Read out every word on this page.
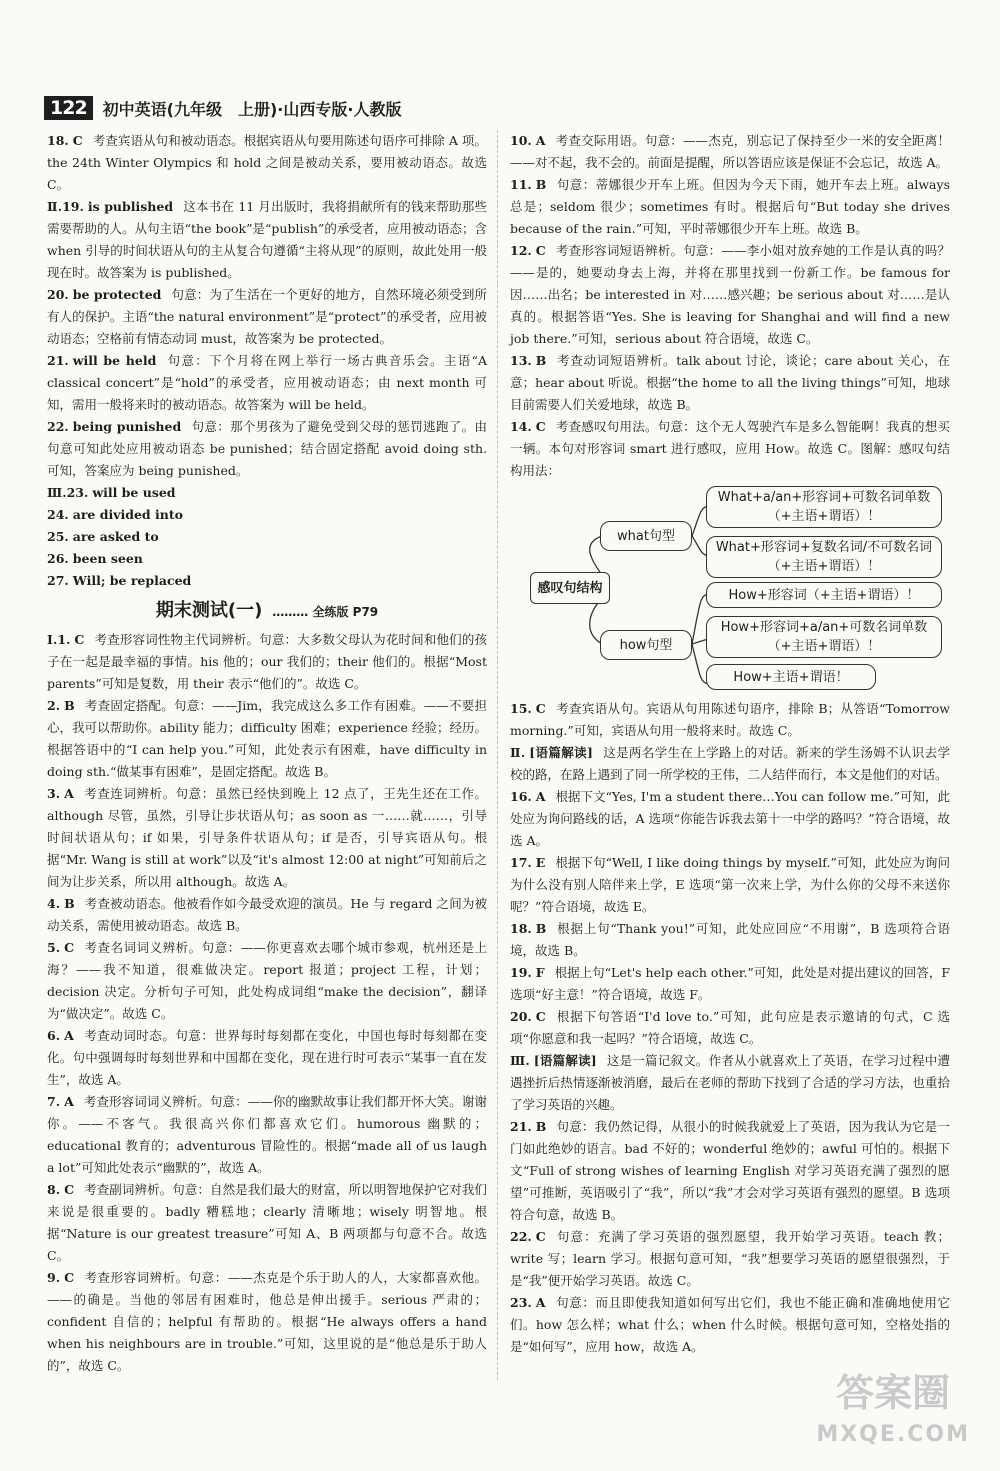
122	初中英语(九年级　上册)·山西专版·人教版

18. C 考查宾语从句和被动语态。根据宾语从句要用陈述句语序可排除 A 项。the 24th Winter Olympics 和 hold 之间是被动关系，要用被动语态。故选 C。

Ⅱ.19. is published 这本书在 11 月出版时，我将捐献所有的钱来帮助那些需要帮助的人。从句主语“the book”是“publish”的承受者，应用被动语态；含 when 引导的时间状语从句的主从复合句遵循“主将从现”的原则，故此处用一般现在时。故答案为 is published。

20. be protected 句意：为了生活在一个更好的地方，自然环境必须受到所有人的保护。主语“the natural environment”是“protect”的承受者，应用被动语态；空格前有情态动词 must，故答案为 be protected。

21. will be held 句意：下个月将在网上举行一场古典音乐会。主语“A classical concert”是“hold”的承受者，应用被动语态；由 next month 可知，需用一般将来时的被动语态。故答案为 will be held。

22. being punished 句意：那个男孩为了避免受到父母的惩罚逃跑了。由句意可知此处应用被动语态 be punished；结合固定搭配 avoid doing sth. 可知，答案应为 being punished。

Ⅲ.23. will be used

24. are divided into

25. are asked to

26. been seen

27. Will; be replaced

期末测试(一) ……… 全练版 P79

Ⅰ.1. C 考查形容词性物主代词辨析。句意：大多数父母认为花时间和他们的孩子在一起是最幸福的事情。his 他的；our 我们的；their 他们的。根据“Most parents”可知是复数，用 their 表示“他们的”。故选 C。

2. B 考查固定搭配。句意：——Jim，我完成这么多工作有困难。——不要担心，我可以帮助你。ability 能力；difficulty 困难；experience 经验；经历。根据答语中的“I can help you.”可知，此处表示有困难，have difficulty in doing sth.“做某事有困难”，是固定搭配。故选 B。

3. A 考查连词辨析。句意：虽然已经快到晚上 12 点了，王先生还在工作。although 尽管，虽然，引导让步状语从句；as soon as 一……就……，引导时间状语从句；if 如果，引导条件状语从句；if 是否，引导宾语从句。根据“Mr. Wang is still at work”以及“it's almost 12:00 at night”可知前后之间为让步关系，所以用 although。故选 A。

4. B 考查被动语态。他被看作如今最受欢迎的演员。He 与 regard 之间为被动关系，需使用被动语态。故选 B。

5. C 考查名词词义辨析。句意：——你更喜欢去哪个城市参观，杭州还是上海？——我不知道，很难做决定。report 报道；project 工程，计划；decision 决定。分析句子可知，此处构成词组“make the decision”，翻译为“做决定”。故选 C。

6. A 考查动词时态。句意：世界每时每刻都在变化，中国也每时每刻都在变化。句中强调每时每刻世界和中国都在变化，现在进行时可表示“某事一直在发生”，故选 A。

7. A 考查形容词词义辨析。句意：——你的幽默故事让我们都开怀大笑。谢谢你。——不客气。我很高兴你们都喜欢它们。humorous 幽默的；educational 教育的；adventurous 冒险性的。根据“made all of us laugh a lot”可知此处表示“幽默的”，故选 A。

8. C 考查副词辨析。句意：自然是我们最大的财富，所以明智地保护它对我们来说是很重要的。badly 糟糕地；clearly 清晰地；wisely 明智地。根据“Nature is our greatest treasure”可知 A、B 两项都与句意不合。故选 C。

9. C 考查形容词辨析。句意：——杰克是个乐于助人的人，大家都喜欢他。——的确是。当他的邻居有困难时，他总是伸出援手。serious 严肃的；confident 自信的；helpful 有帮助的。根据“He always offers a hand when his neighbours are in trouble.”可知，这里说的是“他总是乐于助人的”，故选 C。

10. A 考查交际用语。句意：——杰克，别忘记了保持至少一米的安全距离！——对不起，我不会的。前面是提醒，所以答语应该是保证不会忘记，故选 A。

11. B 句意：蒂娜很少开车上班。但因为今天下雨，她开车去上班。always 总是；seldom 很少；sometimes 有时。根据后句“But today she drives because of the rain.”可知，平时蒂娜很少开车上班。故选 B。

12. C 考查形容词短语辨析。句意：——李小姐对放弃她的工作是认真的吗？——是的，她要动身去上海，并将在那里找到一份新工作。be famous for 因……出名；be interested in 对……感兴趣；be serious about 对……是认真的。根据答语“Yes. She is leaving for Shanghai and will find a new job there.”可知，serious about 符合语境，故选 C。

13. B 考查动词短语辨析。talk about 讨论，谈论；care about 关心，在意；hear about 听说。根据“the home to all the living things”可知，地球目前需要人们关爱地球，故选 B。

14. C 考查感叹句用法。句意：这个无人驾驶汽车是多么智能啊！我真的想买一辆。本句对形容词 smart 进行感叹，应用 How。故选 C。图解：感叹句结构用法：

感叹句结构
what句型
how句型
What+a/an+形容词+可数名词单数（+主语+谓语）！
What+形容词+复数名词/不可数名词（+主语+谓语）！
How+形容词（+主语+谓语）！
How+形容词+a/an+可数名词单数（+主语+谓语）！
How+主语+谓语！

15. C 考查宾语从句。宾语从句用陈述句语序，排除 B；从答语“Tomorrow morning.”可知，宾语从句用一般将来时。故选 C。

Ⅱ. [语篇解读] 这是两名学生在上学路上的对话。新来的学生汤姆不认识去学校的路，在路上遇到了同一所学校的王伟，二人结伴而行，本文是他们的对话。

16. A 根据下文“Yes, I'm a student there…You can follow me.”可知，此处应为询问路线的话，A 选项“你能告诉我去第十一中学的路吗？”符合语境，故选 A。

17. E 根据下句“Well, I like doing things by myself.”可知，此处应为询问为什么没有别人陪伴来上学，E 选项“第一次来上学，为什么你的父母不来送你呢？”符合语境，故选 E。

18. B 根据上句“Thank you!”可知，此处应回应“不用谢”，B 选项符合语境，故选 B。

19. F 根据上句“Let's help each other.”可知，此处是对提出建议的回答，F 选项“好主意！”符合语境，故选 F。

20. C 根据下句答语“I'd love to.”可知，此句应是表示邀请的句式，C 选项“你愿意和我一起吗？”符合语境，故选 C。

Ⅲ. [语篇解读] 这是一篇记叙文。作者从小就喜欢上了英语，在学习过程中遭遇挫折后热情逐渐被消磨，最后在老师的帮助下找到了合适的学习方法，也重拾了学习英语的兴趣。

21. B 句意：我仍然记得，从很小的时候我就爱上了英语，因为我认为它是一门如此绝妙的语言。bad 不好的；wonderful 绝妙的；awful 可怕的。根据下文“Full of strong wishes of learning English 对学习英语充满了强烈的愿望”可推断，英语吸引了“我”，所以“我”才会对学习英语有强烈的愿望。B 选项符合句意，故选 B。

22. C 句意：充满了学习英语的强烈愿望，我开始学习英语。teach 教；write 写；learn 学习。根据句意可知，“我”想要学习英语的愿望很强烈，于是“我”便开始学习英语。故选 C。

23. A 句意：而且即使我知道如何写出它们，我也不能正确和准确地使用它们。how 怎么样；what 什么；when 什么时候。根据句意可知，空格处指的是“如何写”，应用 how，故选 A。

答案圈
MXQE.COM
